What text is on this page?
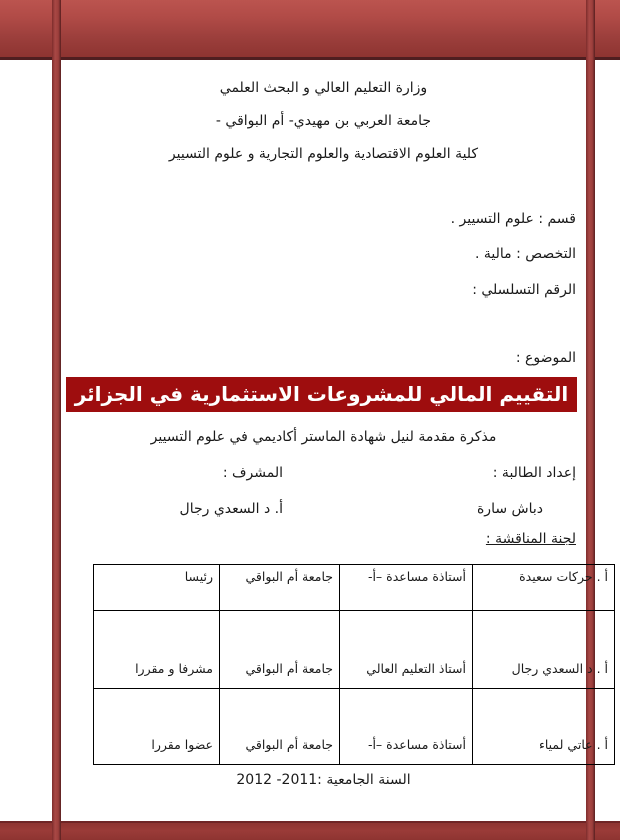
وزارة التعليم العالي و البحث العلمي
جامعة العربي بن مهيدي- أم البواقي -
كلية العلوم الاقتصادية والعلوم التجارية و علوم التسيير
قسم : علوم التسيير .
التخصص : مالية .
الرقم التسلسلي :
الموضوع :
التقييم المالي للمشروعات الاستثمارية في الجزائر
مذكرة مقدمة لنيل شهادة الماستر أكاديمي في علوم التسيير
إعداد الطالبة :
المشرف :
دباش سارة
أ. د السعدي رجال
لجنة المناقشة :
أ . حركات سعيدة	أستاذة مساعدة –أ-	جامعة أم البواقي	رئيسا
أ . د السعدي رجال	أستاذ التعليم العالي	جامعة أم البواقي	مشرفا و مقررا
أ . عاتي لمياء	أستاذة مساعدة –أ-	جامعة أم البواقي	عضوا مقررا
السنة الجامعية :2011- 2012
